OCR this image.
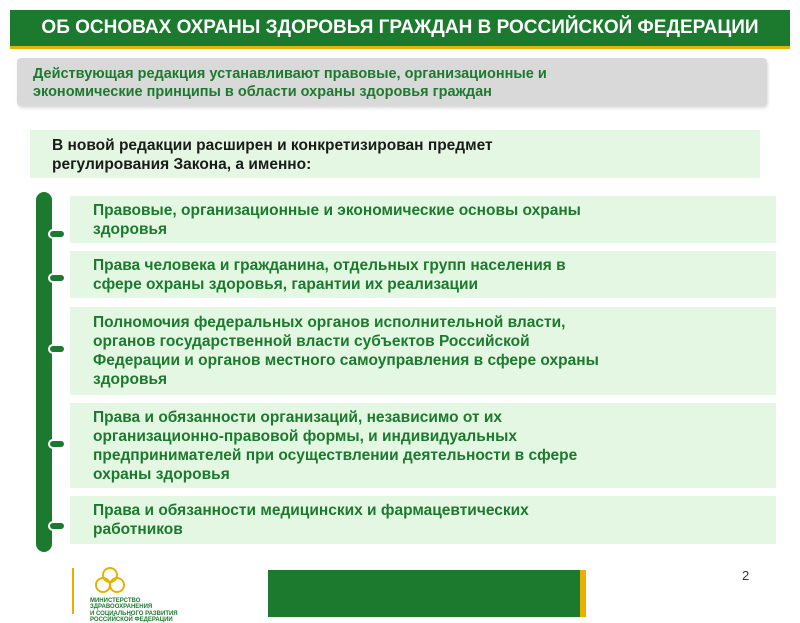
ОБ ОСНОВАХ ОХРАНЫ ЗДОРОВЬЯ ГРАЖДАН В РОССИЙСКОЙ ФЕДЕРАЦИИ
Действующая редакция устанавливают правовые, организационные и
экономические принципы в области охраны здоровья граждан
В новой редакции расширен и конкретизирован предмет
регулирования Закона, а именно:
Правовые, организационные и экономические основы охраны
здоровья
Права человека и гражданина, отдельных групп населения в
сфере охраны здоровья, гарантии их реализации
Полномочия федеральных органов исполнительной власти,
органов государственной власти субъектов Российской
Федерации и органов местного самоуправления в сфере охраны
здоровья
Права и обязанности организаций, независимо от их
организационно-правовой формы, и индивидуальных
предпринимателей при осуществлении деятельности в сфере
охраны здоровья
Права и обязанности медицинских и фармацевтических
работников
МИНИСТЕРСТВО
ЗДРАВООХРАНЕНИЯ
И СОЦИАЛЬНОГО РАЗВИТИЯ
РОССИЙСКОЙ ФЕДЕРАЦИИ
2
